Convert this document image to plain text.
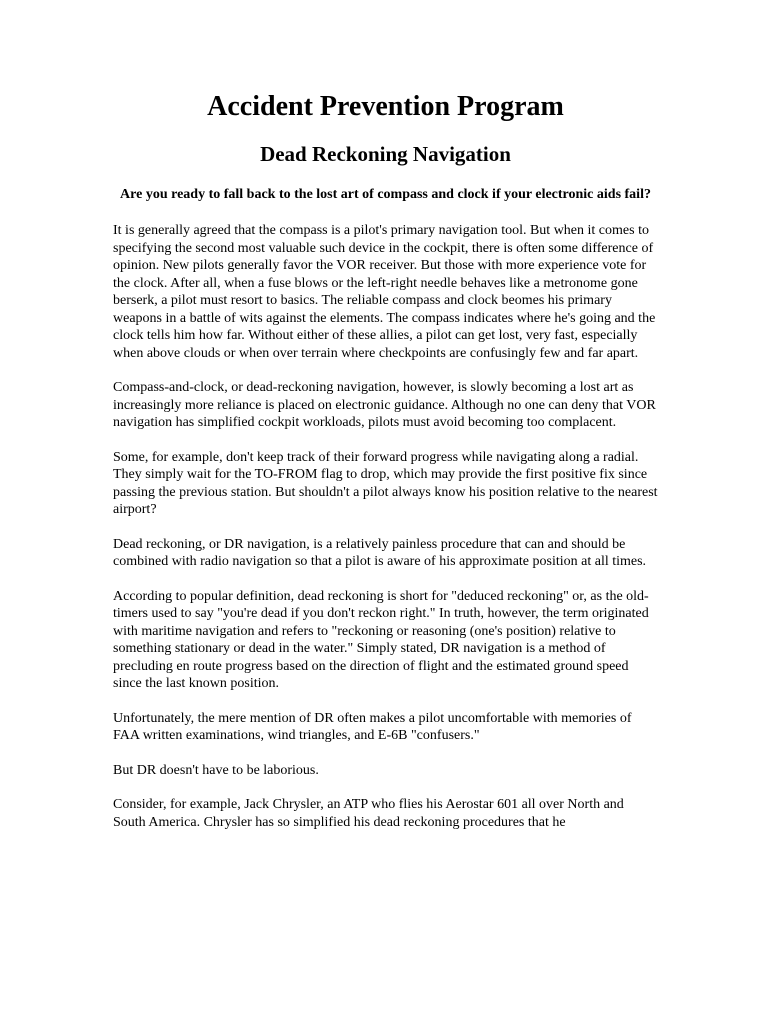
Accident Prevention Program
Dead Reckoning Navigation

Are you ready to fall back to the lost art of compass and clock if your electronic aids fail?

It is generally agreed that the compass is a pilot's primary navigation tool. But when it comes to specifying the second most valuable such device in the cockpit, there is often some difference of opinion. New pilots generally favor the VOR receiver. But those with more experience vote for the clock. After all, when a fuse blows or the left-right needle behaves like a metronome gone berserk, a pilot must resort to basics. The reliable compass and clock beomes his primary weapons in a battle of wits against the elements. The compass indicates where he's going and the clock tells him how far. Without either of these allies, a pilot can get lost, very fast, especially when above clouds or when over terrain where checkpoints are confusingly few and far apart.

Compass-and-clock, or dead-reckoning navigation, however, is slowly becoming a lost art as increasingly more reliance is placed on electronic guidance. Although no one can deny that VOR navigation has simplified cockpit workloads, pilots must avoid becoming too complacent.

Some, for example, don't keep track of their forward progress while navigating along a radial. They simply wait for the TO-FROM flag to drop, which may provide the first positive fix since passing the previous station. But shouldn't a pilot always know his position relative to the nearest airport?

Dead reckoning, or DR navigation, is a relatively painless procedure that can and should be combined with radio navigation so that a pilot is aware of his approximate position at all times.

According to popular definition, dead reckoning is short for "deduced reckoning" or, as the old-timers used to say "you're dead if you don't reckon right." In truth, however, the term originated with maritime navigation and refers to "reckoning or reasoning (one's position) relative to something stationary or dead in the water." Simply stated, DR navigation is a method of precluding en route progress based on the direction of flight and the estimated ground speed since the last known position.

Unfortunately, the mere mention of DR often makes a pilot uncomfortable with memories of FAA written examinations, wind triangles, and E-6B "confusers."

But DR doesn't have to be laborious.

Consider, for example, Jack Chrysler, an ATP who flies his Aerostar 601 all over North and South America. Chrysler has so simplified his dead reckoning procedures that he
